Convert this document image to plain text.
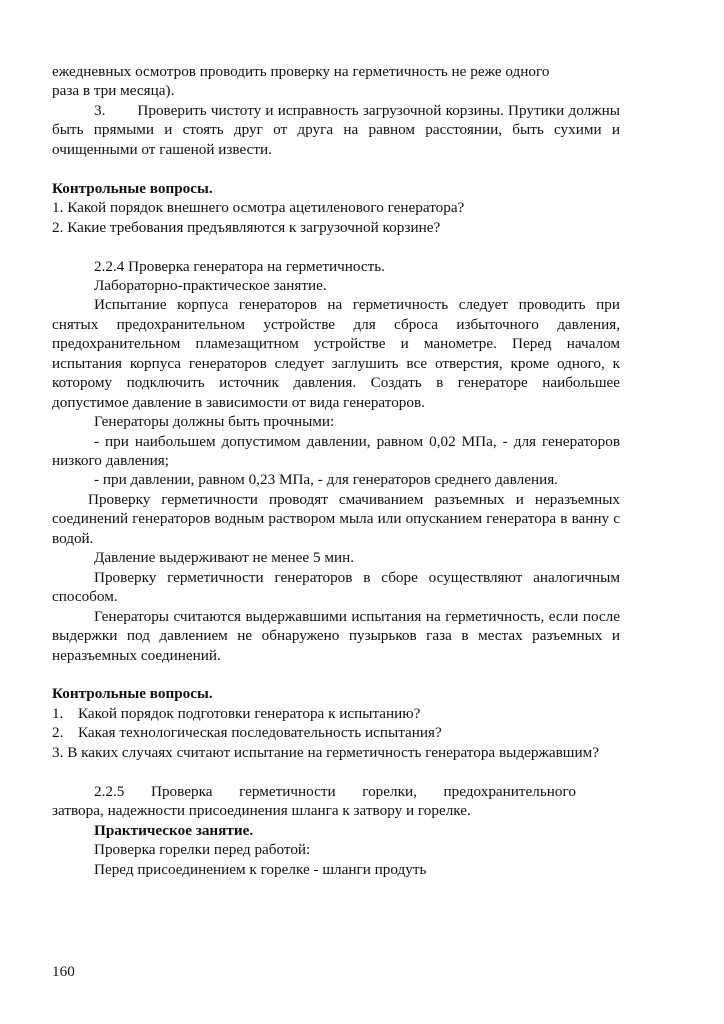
ежедневных осмотров проводить проверку на герметичность не реже одного
раза в три месяца).

3. Проверить чистоту и исправность загрузочной корзины. Прутики должны быть прямыми и стоять друг от друга на равном расстоянии, быть сухими и очищенными от гашеной извести.

Контрольные вопросы.

1. Какой порядок внешнего осмотра ацетиленового генератора?

2. Какие требования предъявляются к загрузочной корзине?

2.2.4 Проверка генератора на герметичность.

Лабораторно-практическое занятие.

Испытание корпуса генераторов на герметичность следует проводить при снятых предохранительном устройстве для сброса избыточного давления, предохранительном пламезащитном устройстве и манометре. Перед началом испытания корпуса генераторов следует заглушить все отверстия, кроме одного, к которому подключить источник давления. Создать в генераторе наибольшее допустимое давление в зависимости от вида генераторов.

Генераторы должны быть прочными:

- при наибольшем допустимом давлении, равном 0,02 МПа, - для генераторов низкого давления;

- при давлении, равном 0,23 МПа, - для генераторов среднего давления.

Проверку герметичности проводят смачиванием разъемных и неразъемных соединений генераторов водным раствором мыла или опусканием генератора в ванну с водой.

Давление выдерживают не менее 5 мин.

Проверку герметичности генераторов в сборе осуществляют аналогичным способом.

Генераторы считаются выдержавшими испытания на герметичность, если после выдержки под давлением не обнаружено пузырьков газа в местах разъемных и неразъемных соединений.

Контрольные вопросы.

1. Какой порядок подготовки генератора к испытанию?
2. Какая технологическая последовательность испытания?

3. В каких случаях считают испытание на герметичность генератора выдержавшим?

2.2.5 Проверка герметичности горелки, предохранительного

затвора, надежности присоединения шланга к затвору и горелке.

Практическое занятие.

Проверка горелки перед работой:

Перед присоединением к горелке - шланги продуть

160
